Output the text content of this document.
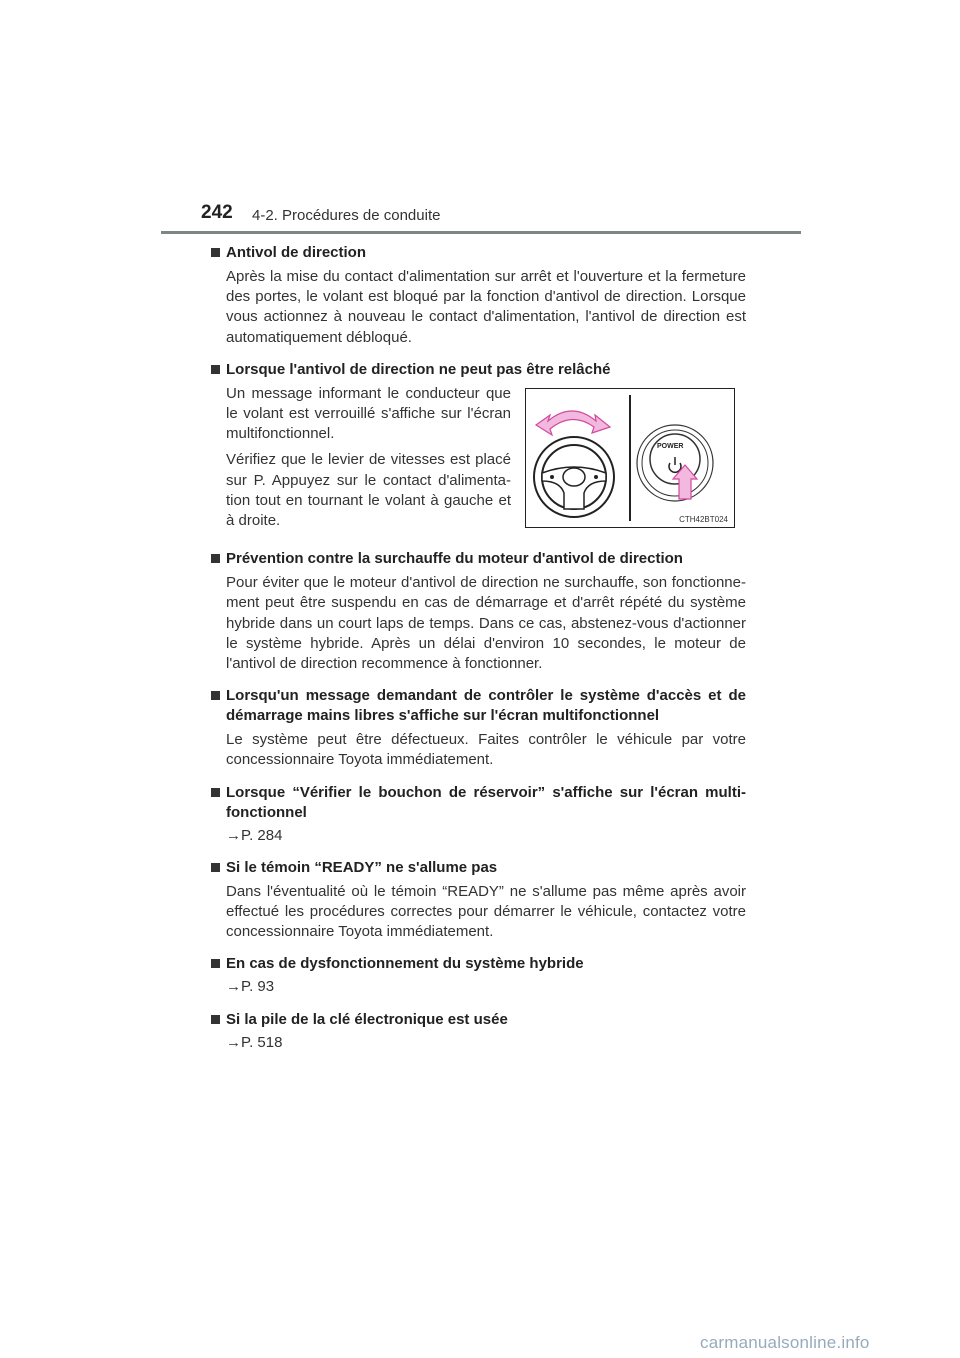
242 4-2. Procédures de conduite
Antivol de direction

Après la mise du contact d'alimentation sur arrêt et l'ouverture et la fermeture des portes, le volant est bloqué par la fonction d'antivol de direction. Lorsque vous actionnez à nouveau le contact d'alimentation, l'antivol de direction est automatiquement débloqué.

Lorsque l'antivol de direction ne peut pas être relâché

Un message informant le conducteur que le volant est verrouillé s'affiche sur l'écran multifonctionnel.

Vérifiez que le levier de vitesses est placé sur P. Appuyez sur le contact d'alimenta-tion tout en tournant le volant à gauche et à droite.

POWER
CTH42BT024
Prévention contre la surchauffe du moteur d'antivol de direction

Pour éviter que le moteur d'antivol de direction ne surchauffe, son fonctionne-ment peut être suspendu en cas de démarrage et d'arrêt répété du système hybride dans un court laps de temps. Dans ce cas, abstenez-vous d'actionner le système hybride. Après un délai d'environ 10 secondes, le moteur de l'antivol de direction recommence à fonctionner.

Lorsqu'un message demandant de contrôler le système d'accès et de démarrage mains libres s'affiche sur l'écran multifonctionnel

Le système peut être défectueux. Faites contrôler le véhicule par votre concessionnaire Toyota immédiatement.

Lorsque “Vérifier le bouchon de réservoir” s'affiche sur l'écran multi-fonctionnel

→P. 284

Si le témoin “READY” ne s'allume pas

Dans l'éventualité où le témoin “READY” ne s'allume pas même après avoir effectué les procédures correctes pour démarrer le véhicule, contactez votre concessionnaire Toyota immédiatement.

En cas de dysfonctionnement du système hybride

→P. 93

Si la pile de la clé électronique est usée

→P. 518

carmanualsonline.info
